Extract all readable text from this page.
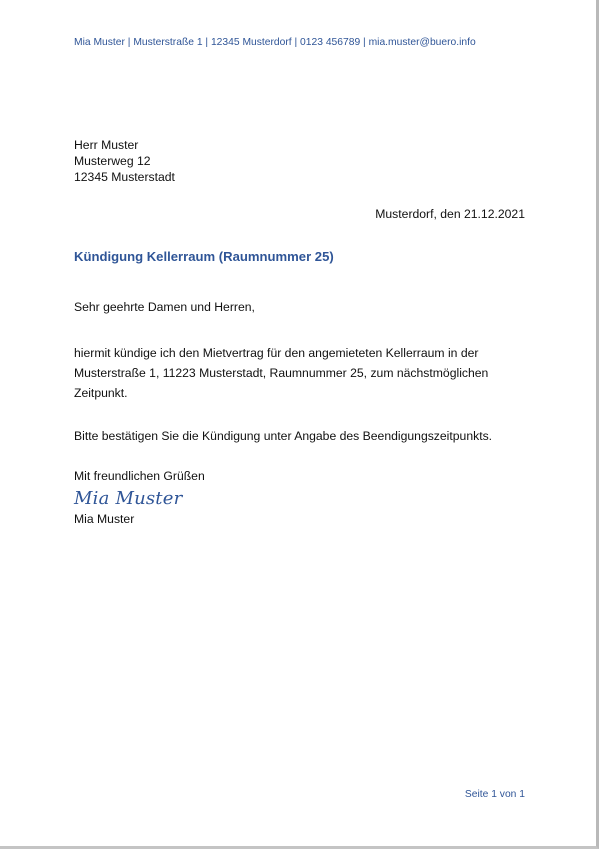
Mia Muster | Musterstraße 1 | 12345 Musterdorf | 0123 456789 | mia.muster@buero.info
Herr Muster
Musterweg 12
12345 Musterstadt
Musterdorf, den 21.12.2021
Kündigung Kellerraum (Raumnummer 25)
Sehr geehrte Damen und Herren,
hiermit kündige ich den Mietvertrag für den angemieteten Kellerraum in der
Musterstraße 1, 11223 Musterstadt, Raumnummer 25, zum nächstmöglichen
Zeitpunkt.
Bitte bestätigen Sie die Kündigung unter Angabe des Beendigungszeitpunkts.
Mit freundlichen Grüßen
Mia Muster
Mia Muster
Seite 1 von 1
